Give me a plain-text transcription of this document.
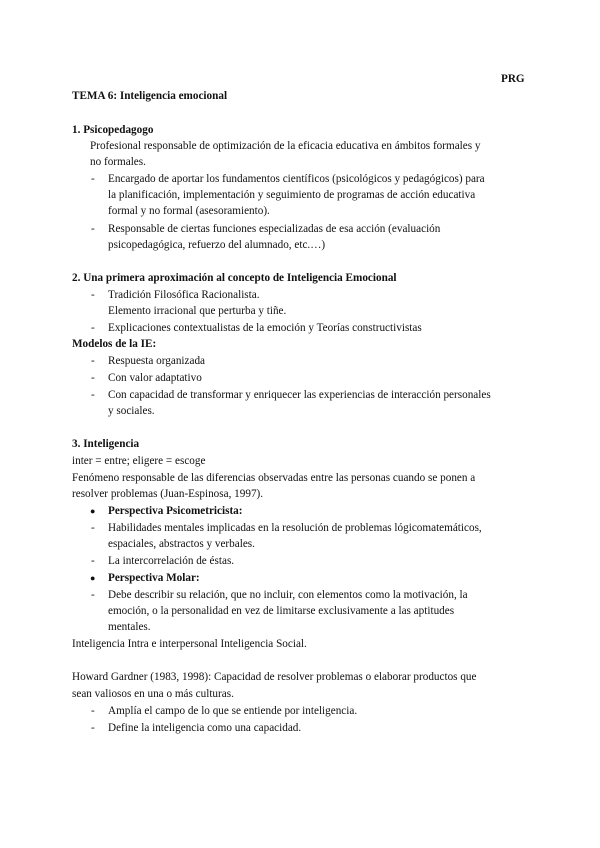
PRG
TEMA 6: Inteligencia emocional
1. Psicopedagogo
Profesional responsable de optimización de la eficacia educativa en ámbitos formales y
no formales.
- Encargado de aportar los fundamentos científicos (psicológicos y pedagógicos) para
la planificación, implementación y seguimiento de programas de acción educativa
formal y no formal (asesoramiento).
- Responsable de ciertas funciones especializadas de esa acción (evaluación
psicopedagógica, refuerzo del alumnado, etc.…)
2. Una primera aproximación al concepto de Inteligencia Emocional
- Tradición Filosófica Racionalista.
Elemento irracional que perturba y tiñe.
- Explicaciones contextualistas de la emoción y Teorías constructivistas
Modelos de la IE:
- Respuesta organizada
- Con valor adaptativo
- Con capacidad de transformar y enriquecer las experiencias de interacción personales
y sociales.
3. Inteligencia
inter = entre; eligere = escoge
Fenómeno responsable de las diferencias observadas entre las personas cuando se ponen a
resolver problemas (Juan-Espinosa, 1997).
● Perspectiva Psicometricista:
- Habilidades mentales implicadas en la resolución de problemas lógicomatemáticos,
espaciales, abstractos y verbales.
- La intercorrelación de éstas.
● Perspectiva Molar:
- Debe describir su relación, que no incluir, con elementos como la motivación, la
emoción, o la personalidad en vez de limitarse exclusivamente a las aptitudes
mentales.
Inteligencia Intra e interpersonal Inteligencia Social.
Howard Gardner (1983, 1998): Capacidad de resolver problemas o elaborar productos que
sean valiosos en una o más culturas.
- Amplía el campo de lo que se entiende por inteligencia.
- Define la inteligencia como una capacidad.
